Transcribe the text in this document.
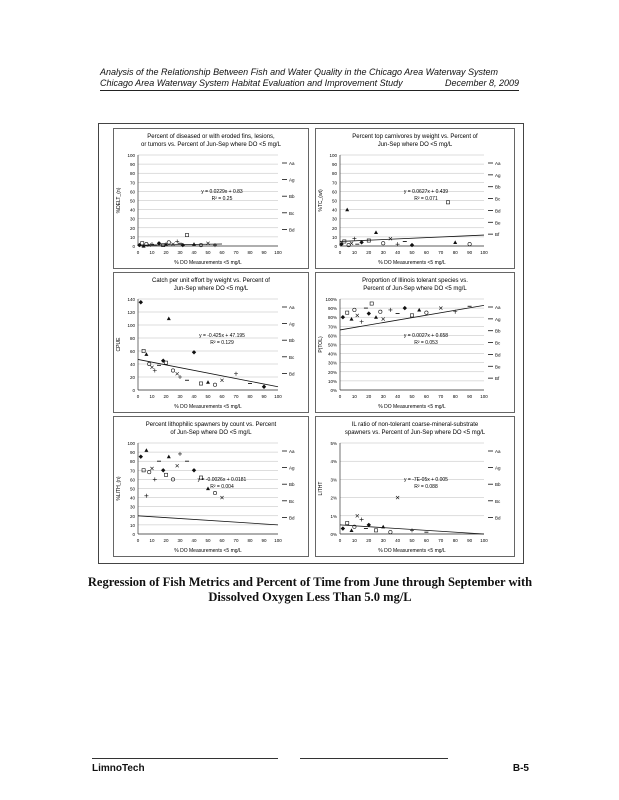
Analysis of the Relationship Between Fish and Water Quality in the Chicago Area Waterway System
Chicago Area Waterway System Habitat Evaluation and Improvement Study	December 8, 2009
Percent of diseased or with eroded fins, lesions,
or tumors vs. Percent of Jun-Sep where DO <5 mg/L
0
10
20
30
40
50
60
70
80
90
100
0 10 20 30 40 50 60 70 80 90 100
% DO Measurements <5 mg/L
%DELT_(n)	y = 0.0229x + 0.83
R² = 0.25
Aa
Ag
Bb
Bc
Bd
Percent top carnivores by weight vs. Percent of
Jun-Sep where DO <5 mg/L
0
10
20
30
40
50
60
70
80
90
100
0 10 20 30 40 50 60 70 80 90 100
% DO Measurements <5 mg/L
%TC_(wt)	y = 0.0627x + 0.439
R² = 0.071
Aa
Ag
Bb
Bc
Bd
Be
Bf
Catch per unit effort by weight vs. Percent of
Jun-Sep where DO <5 mg/L
0
20
40
60
80
100
120
140
0 10 20 30 40 50 60 70 80 90 100
% DO Measurements <5 mg/L
CPUE
y = -0.425x + 47.195
R² = 0.129
Aa
Ag
Bb
Bc
Bd
Proportion of Illinois tolerant species vs.
Percent of Jun-Sep where DO <5 mg/L
0%
10%
20%
30%
40%
50%
60%
70%
80%
90%
100%
0 10 20 30 40 50 60 70 80 90 100
% DO Measurements <5 mg/L
P(TOL)
y = 0.0027x + 0.658
R² = 0.053
Aa
Ag
Bb
Bc
Bd
Be
Bf
Percent lithophilic spawners by count vs. Percent
of Jun-Sep where DO <5 mg/L
0
10
20
30
40
50
60
70
80
90
100
0 10 20 30 40 50 60 70 80 90 100
% DO Measurements <5 mg/L
%LITH_(n)	y = -0.0026x + 0.0181
R² = 0.004
Aa
Ag
Bb
Bc
Bd
IL ratio of non-tolerant coarse-mineral-substrate
spawners vs. Percent of Jun-Sep where DO <5 mg/L
0%
1%
2%
3%
4%
5%
0 10 20 30 40 50 60 70 80 90 100
% DO Measurements <5 mg/L
LITHT
y = -7E-05x + 0.005
R² = 0.088
Aa
Ag
Bb
Bc
Bd
Regression of Fish Metrics and Percent of Time from June through September with
Dissolved Oxygen Less Than 5.0 mg/L
LimnoTech	B-5
